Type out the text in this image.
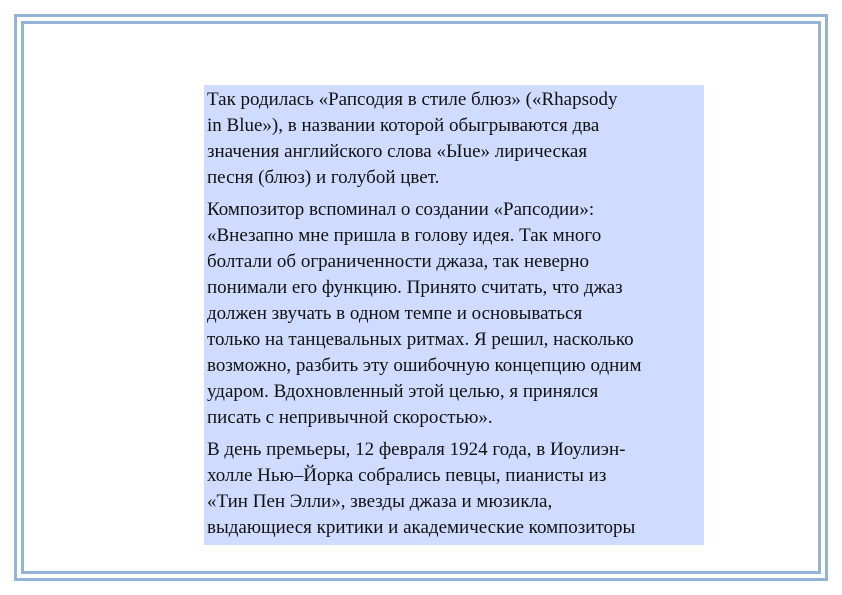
Так родилась «Рапсодия в стиле блюз» («Rhapsody
in Blue»), в названии которой обыгрываются два
значения английского слова «Ыue» лирическая
песня (блюз) и голубой цвет.

Композитор вспоминал о создании «Рапсодии»:
«Внезапно мне пришла в голову идея. Так много
болтали об ограниченности джаза, так неверно
понимали его функцию. Принято считать, что джаз
должен звучать в одном темпе и основываться
только на танцевальных ритмах. Я решил, насколько
возможно, разбить эту ошибочную концепцию одним
ударом. Вдохновленный этой целью, я принялся
писать с непривычной скоростью».

В день премьеры, 12 февраля 1924 года, в Иоулиэн-
холле Нью–Йорка собрались певцы, пианисты из
«Тин Пен Элли», звезды джаза и мюзикла,
выдающиеся критики и академические композиторы
